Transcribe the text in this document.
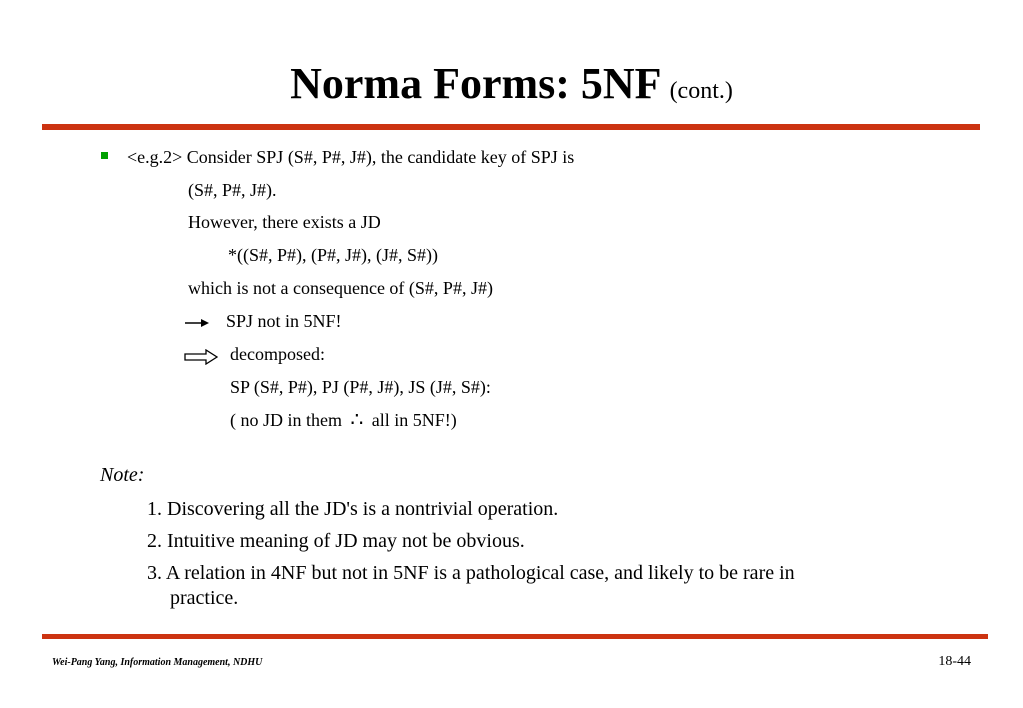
Norma Forms: 5NF (cont.)
<e.g.2> Consider SPJ (S#, P#, J#), the candidate key of SPJ is
(S#, P#, J#).
However, there exists a JD
*((S#, P#), (P#, J#), (J#, S#))
which is not a consequence of (S#, P#, J#)
SPJ not in 5NF!
decomposed:
SP (S#, P#), PJ (P#, J#), JS (J#, S#):
( no JD in them ∴ all in 5NF!)
Note:
1. Discovering all the JD's is a nontrivial operation.
2. Intuitive meaning of JD may not be obvious.
3. A relation in 4NF but not in 5NF is a pathological case, and likely to be rare in
practice.
Wei-Pang Yang, Information Management, NDHU	18-44
